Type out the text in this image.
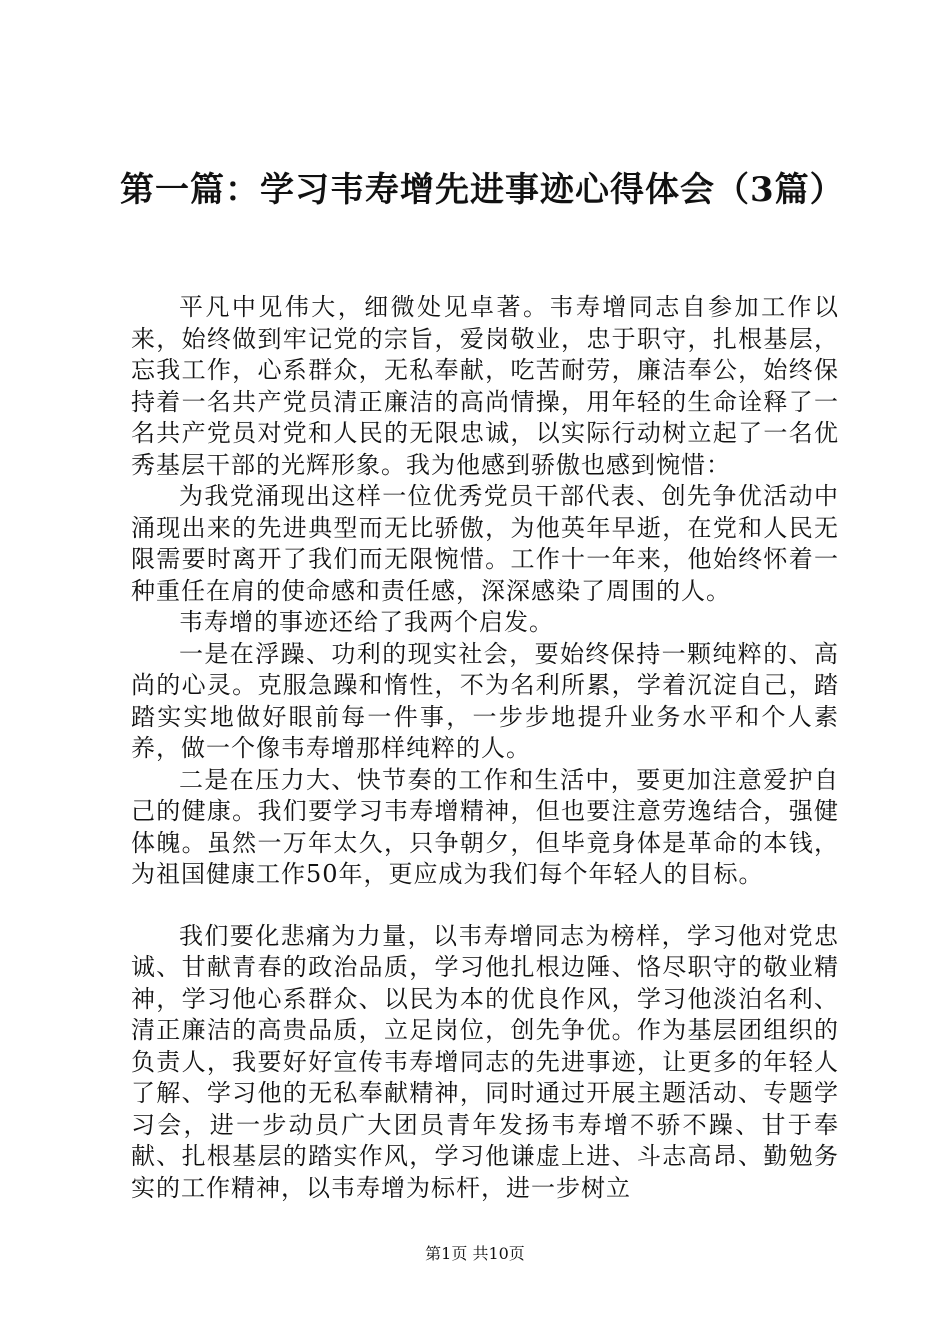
第一篇：学习韦寿增先进事迹心得体会（3篇）

平凡中见伟大，细微处见卓著。韦寿增同志自参加工作以来，始终做到牢记党的宗旨，爱岗敬业，忠于职守，扎根基层，忘我工作，心系群众，无私奉献，吃苦耐劳，廉洁奉公，始终保持着一名共产党员清正廉洁的高尚情操，用年轻的生命诠释了一名共产党员对党和人民的无限忠诚，以实际行动树立起了一名优秀基层干部的光辉形象。我为他感到骄傲也感到惋惜：

为我党涌现出这样一位优秀党员干部代表、创先争优活动中涌现出来的先进典型而无比骄傲，为他英年早逝，在党和人民无限需要时离开了我们而无限惋惜。工作十一年来，他始终怀着一种重任在肩的使命感和责任感，深深感染了周围的人。

韦寿增的事迹还给了我两个启发。

一是在浮躁、功利的现实社会，要始终保持一颗纯粹的、高尚的心灵。克服急躁和惰性，不为名利所累，学着沉淀自己，踏踏实实地做好眼前每一件事，一步步地提升业务水平和个人素养，做一个像韦寿增那样纯粹的人。

二是在压力大、快节奏的工作和生活中，要更加注意爱护自己的健康。我们要学习韦寿增精神，但也要注意劳逸结合，强健体魄。虽然一万年太久，只争朝夕，但毕竟身体是革命的本钱，为祖国健康工作50年，更应成为我们每个年轻人的目标。

我们要化悲痛为力量，以韦寿增同志为榜样，学习他对党忠诚、甘献青春的政治品质，学习他扎根边陲、恪尽职守的敬业精神，学习他心系群众、以民为本的优良作风，学习他淡泊名利、清正廉洁的高贵品质，立足岗位，创先争优。作为基层团组织的负责人，我要好好宣传韦寿增同志的先进事迹，让更多的年轻人了解、学习他的无私奉献精神，同时通过开展主题活动、专题学习会，进一步动员广大团员青年发扬韦寿增不骄不躁、甘于奉献、扎根基层的踏实作风，学习他谦虚上进、斗志高昂、勤勉务实的工作精神，以韦寿增为标杆，进一步树立

第1页 共10页
